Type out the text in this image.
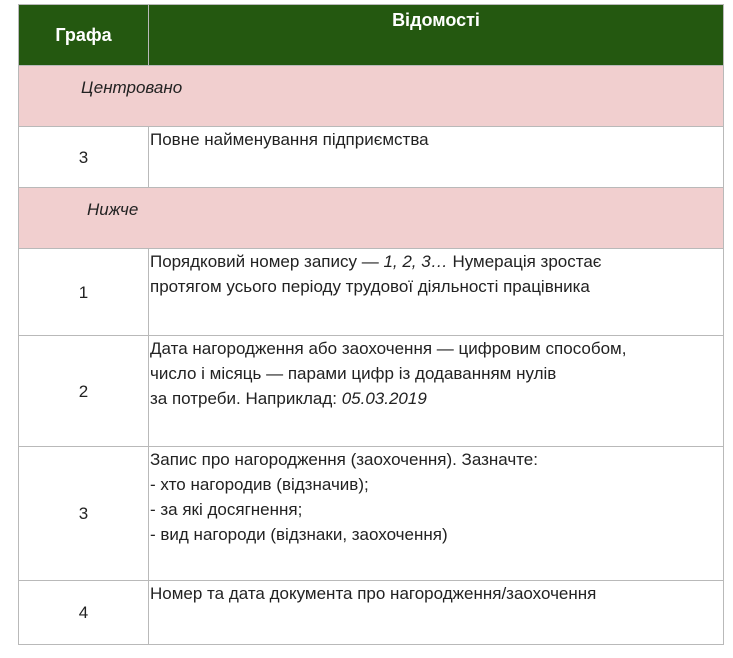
Графа	Відомості
Центровано	
3	Повне найменування підприємства
Нижче	
1	Порядковий номер запису — 1, 2, 3… Нумерація зростає
протягом усього періоду трудової діяльності працівника

2	Дата нагородження або заохочення — цифровим способом,
число і місяць — парами цифр із додаванням нулів
за потреби. Наприклад: 05.03.2019

3	Запис про нагородження (заохочення). Зазначте:
- хто нагородив (відзначив);
- за які досягнення;
- вид нагороди (відзнаки, заохочення)

4	Номер та дата документа про нагородження/заохочення
